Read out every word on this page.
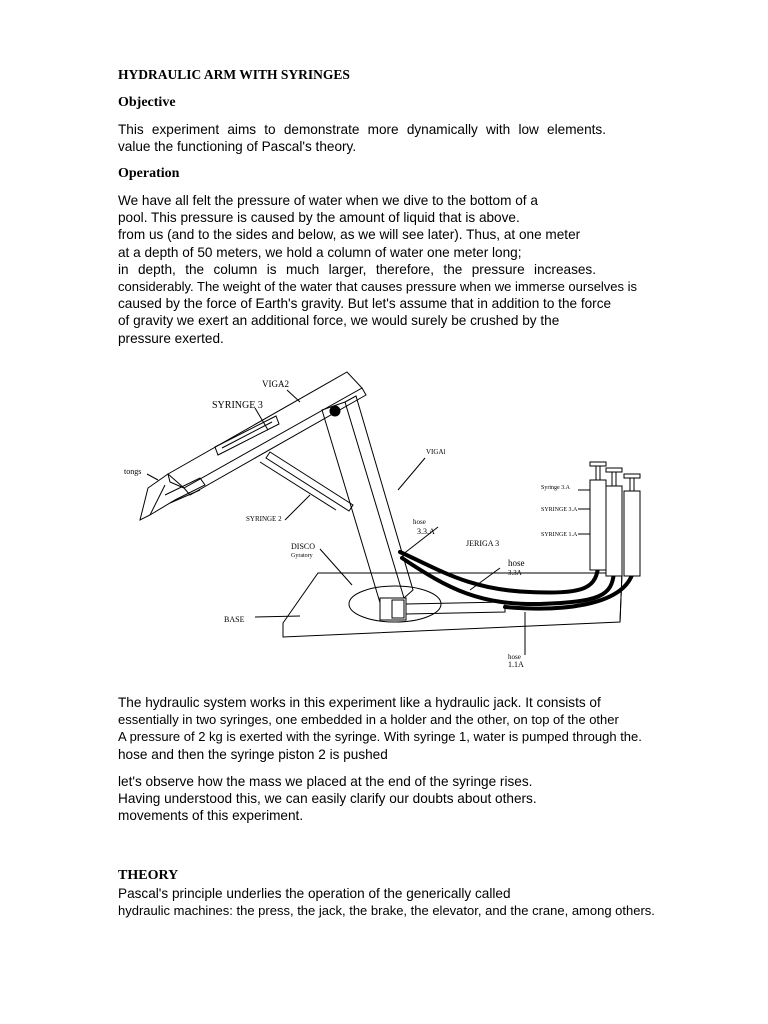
HYDRAULIC ARM WITH SYRINGES
Objective

This experiment aims to demonstrate more dynamically with low elements.
value the functioning of Pascal's theory.

Operation

We have all felt the pressure of water when we dive to the bottom of a
pool. This pressure is caused by the amount of liquid that is above.
from us (and to the sides and below, as we will see later). Thus, at one meter
at a depth of 50 meters, we hold a column of water one meter long;
in depth, the column is much larger, therefore, the pressure increases.
considerably. The weight of the water that causes pressure when we immerse ourselves is
caused by the force of Earth's gravity. But let's assume that in addition to the force
of gravity we exert an additional force, we would surely be crushed by the
pressure exerted.

VIGA2
SYRINGE 3
tongs
VIGAl
SYRINGE 2	hose
3.3.A
DISCO
Gyratory
JERIGA 3
hose
3.3A
BASE
hose
1.1A
Syringe 3.A
SYRINGE 3.A
SYRINGE 1.A

The hydraulic system works in this experiment like a hydraulic jack. It consists of
essentially in two syringes, one embedded in a holder and the other, on top of the other
A pressure of 2 kg is exerted with the syringe. With syringe 1, water is pumped through the.
hose and then the syringe piston 2 is pushed

let's observe how the mass we placed at the end of the syringe rises.
Having understood this, we can easily clarify our doubts about others.
movements of this experiment.

THEORY

Pascal's principle underlies the operation of the generically called
hydraulic machines: the press, the jack, the brake, the elevator, and the crane, among others.
